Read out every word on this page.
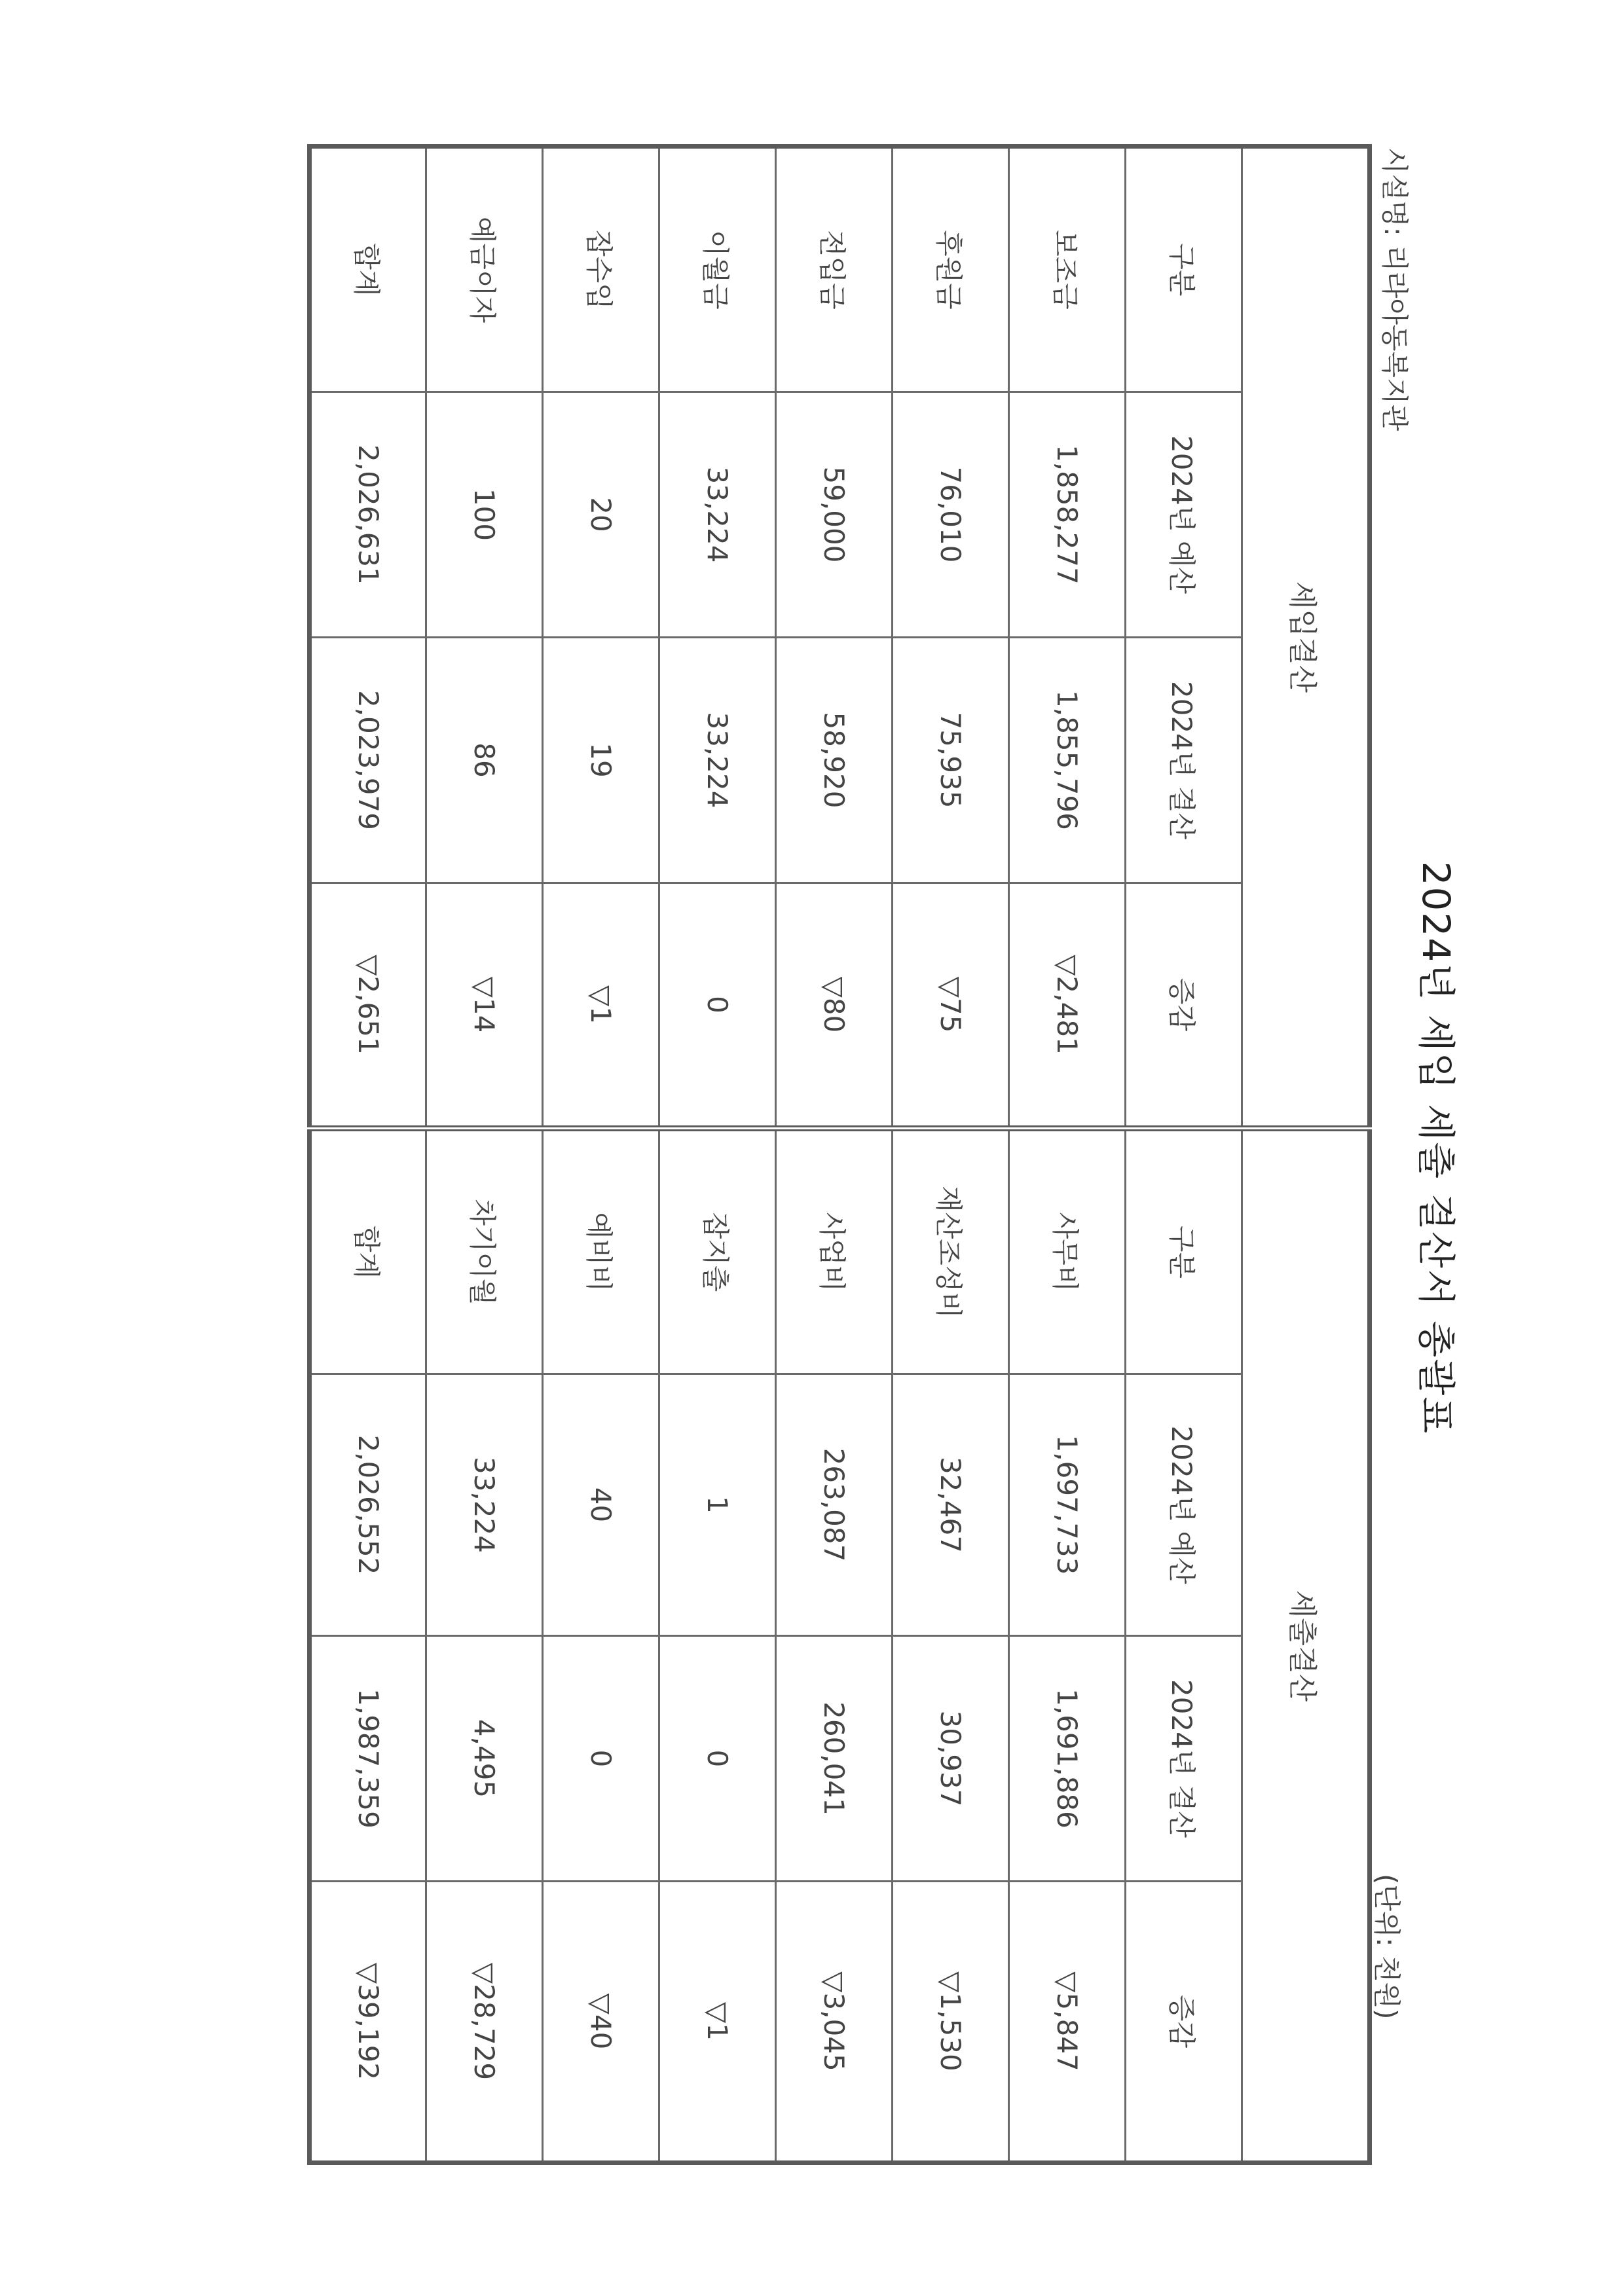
2024년 세입 세출 결산서 총괄표
시설명: 리라아동복지관
(단위: 천원)
세입결산				세출결산			
구분	2024년 예산	2024년 결산	증감	구분	2024년 예산	2024년 결산	증감
보조금	1,858,277	1,855,796	▽2,481	사무비	1,697,733	1,691,886	▽5,847
후원금	76,010	75,935	▽75	재산조성비	32,467	30,937	▽1,530
전입금	59,000	58,920	▽80	사업비	263,087	260,041	▽3,045
이월금	33,224	33,224	0	잡지출	1	0	▽1
잡수입	20	19	▽1	예비비	40	0	▽40
예금이자	100	86	▽14	차기이월	33,224	4,495	▽28,729
합계	2,026,631	2,023,979	▽2,651	합계	2,026,552	1,987,359	▽39,192
